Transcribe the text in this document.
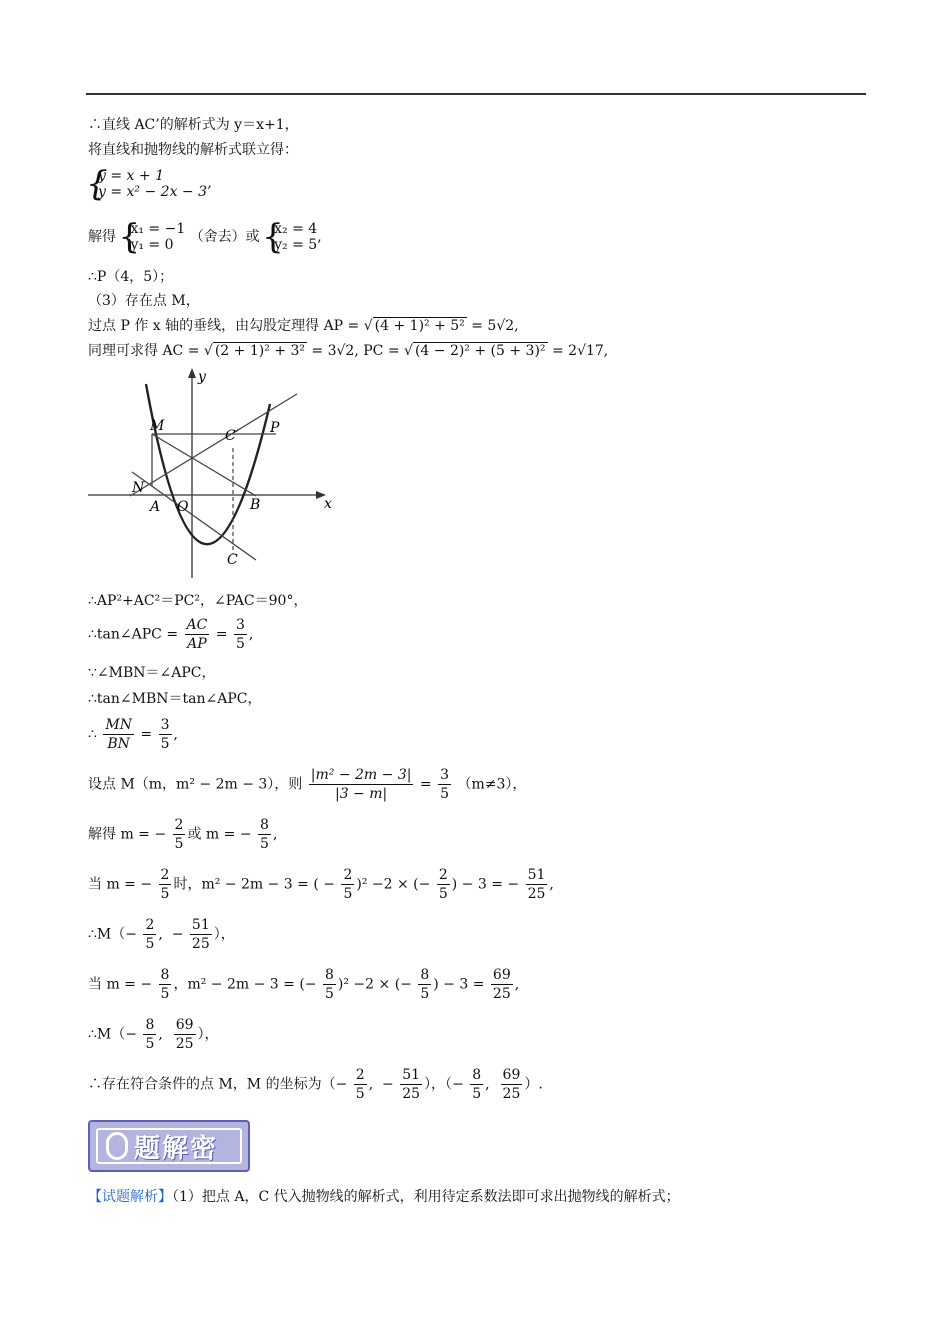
∴直线 AC’的解析式为 y＝x+1，
将直线和抛物线的解析式联立得：
{ y = x + 1
y = x² − 2x − 3’
解得 { x₁ = −1
y₁ = 0	（舍去）或 { x₂ = 4
y₂ = 5 ,
∴P（4，5）；
（3）存在点 M，
过点 P 作 x 轴的垂线，由勾股定理得 AP = √ (4 + 1)² + 5² = 5√2,
同理可求得 AC = √ (2 + 1)² + 3² = 3√2, PC = √ (4 − 2)² + (5 + 3)² = 2√17,
y
x
M
N
A O	B
C
C′ P
∴AP²+AC²＝PC²，∠PAC＝90°，
∴tan∠APC = $\frac{AC}{AP} = \frac{3}{5}$ ,
∵∠MBN＝∠APC，
∴tan∠MBN＝tan∠APC，
∴ $\frac{MN}{BN} = \frac{3}{5}$ ,
设点 M（m，m² − 2m − 3），则 $\frac{\text{|m² − 2m − 3|}}{|3 - m|} = \frac{3}{5} (m\ne 3)$，
解得 m = − $\frac{2}{5}$ 或 m = − $\frac{8}{5}$ ,
当 m = − $\frac{2}{5}$ 时，m² − 2m − 3 = ( − $\frac{2}{5} )^2 -2$ × (− $\frac{2}{5}$ ) − 3 = − $\frac{51}{25}$ ,
∴M（− $\frac{2}{5}$ ,  − $\frac{51}{25}$ ），
当 m = − $\frac{8}{5}$ ，m² − 2m − 3 = (− $\frac{8}{5} )^2 -2$ × (− $\frac{8}{5}$ ) − $3 = \frac{69}{25}$ ,
∴M（− $\frac{8}{5}$ , $\frac{69}{25}$ ），
∴存在符合条件的点 M，M 的坐标为（− $\frac{2}{5}$ ,  − $\frac{51}{25}$ ），（− $\frac{8}{5}$ , $\frac{69}{25}$ ）.
题解密
【试题解析】（1）把点 A，C 代入抛物线的解析式，利用待定系数法即可求出抛物线的解析式；
